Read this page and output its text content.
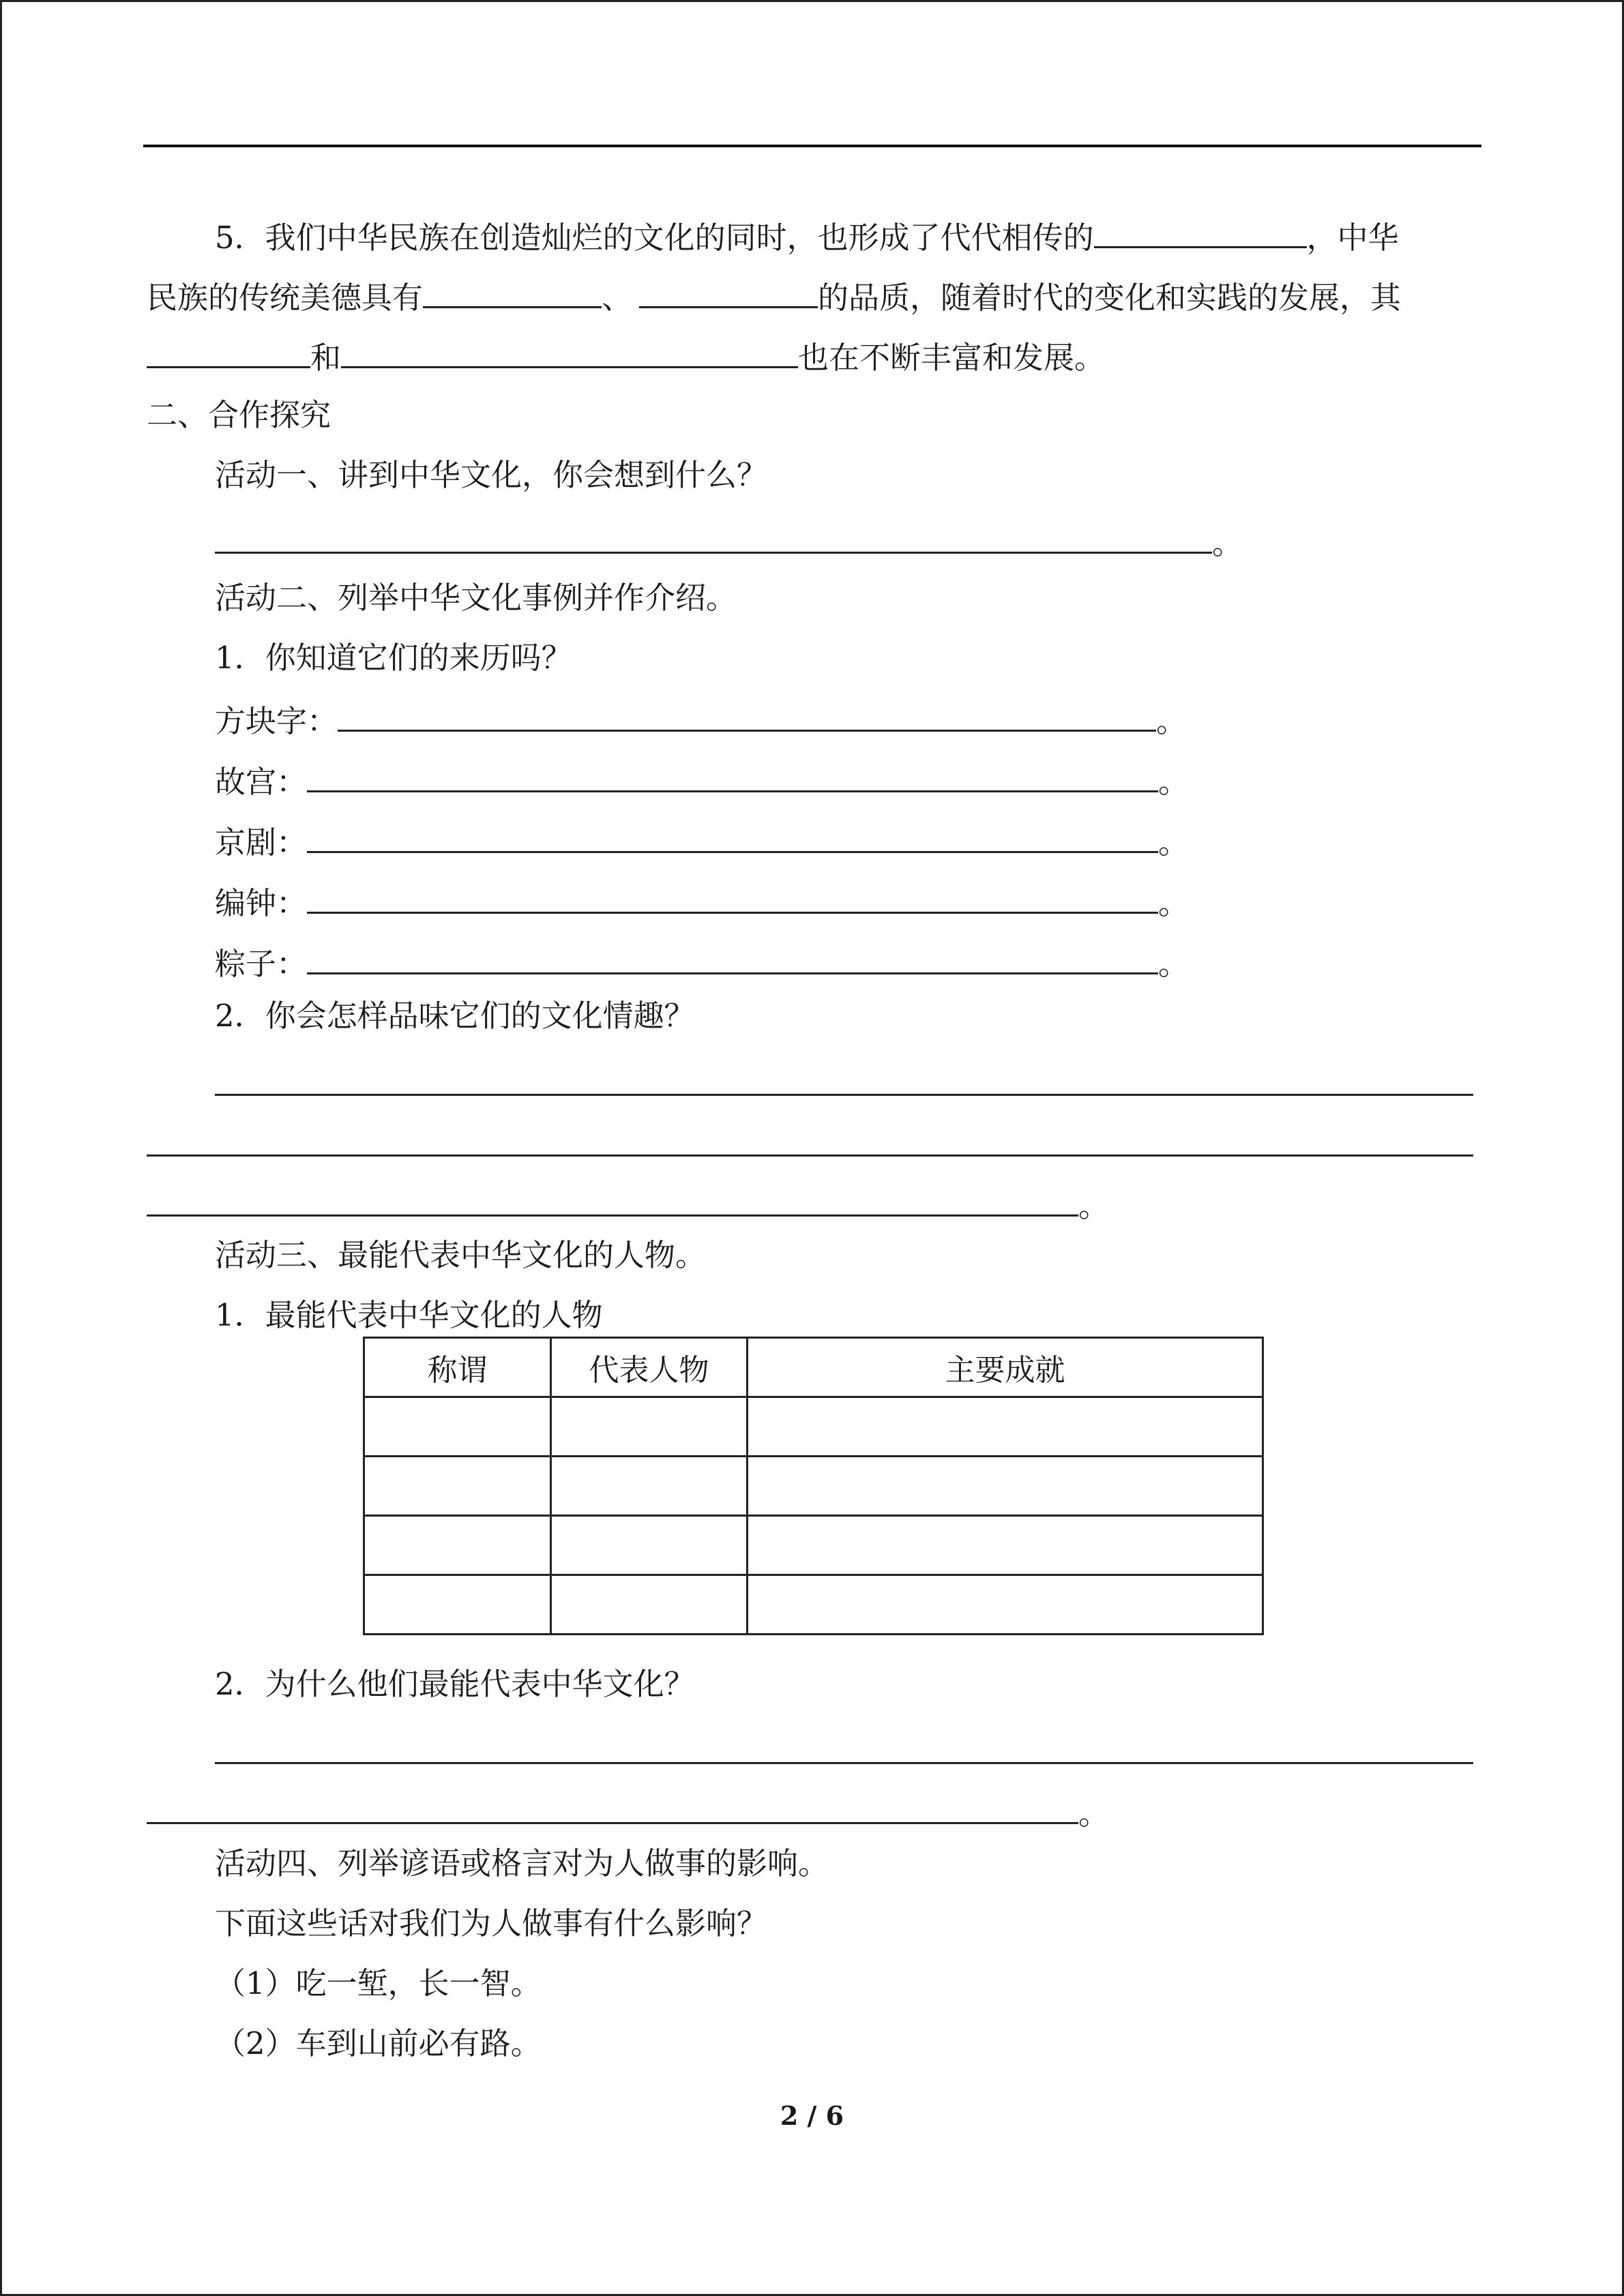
5．我们中华民族在创造灿烂的文化的同时，也形成了代代相传的	，中华
民族的传统美德具有	、	的品质，随着时代的变化和实践的发展，其
和	也在不断丰富和发展。
二、合作探究
活动一、讲到中华文化，你会想到什么？
。
活动二、列举中华文化事例并作介绍。
1．你知道它们的来历吗？
方块字：	。
故宫：	。
京剧：	。
编钟：	。
粽子：	。
2．你会怎样品味它们的文化情趣？
。
活动三、最能代表中华文化的人物。
1．最能代表中华文化的人物
称谓	代表人物	主要成就

2．为什么他们最能代表中华文化？
。
活动四、列举谚语或格言对为人做事的影响。
下面这些话对我们为人做事有什么影响？
（1）吃一堑，长一智。
（2）车到山前必有路。
2 / 6
